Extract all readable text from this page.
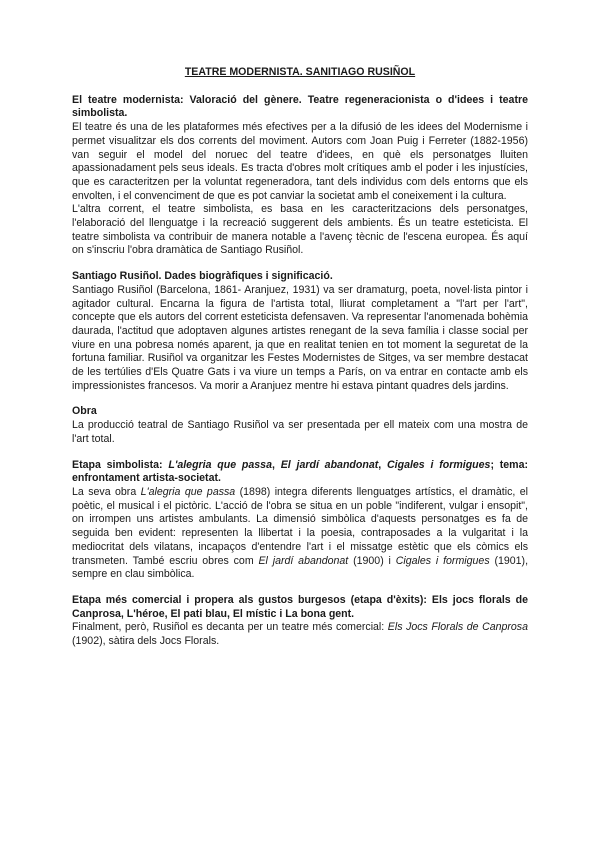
TEATRE MODERNISTA. SANITIAGO RUSIÑOL

El teatre modernista: Valoració del gènere. Teatre regeneracionista o d'idees i teatre simbolista.

El teatre és una de les plataformes més efectives per a la difusió de les idees del Modernisme i permet visualitzar els dos corrents del moviment. Autors com Joan Puig i Ferreter (1882-1956) van seguir el model del noruec del teatre d'idees, en què els personatges lluiten apassionadament pels seus ideals. Es tracta d'obres molt crítiques amb el poder i les injustícies, que es caracteritzen per la voluntat regeneradora, tant dels individus com dels entorns que els envolten, i el convenciment de que es pot canviar la societat amb el coneixement i la cultura.

L'altra corrent, el teatre simbolista, es basa en les caracteritzacions dels personatges, l'elaboració del llenguatge i la recreació suggerent dels ambients. És un teatre esteticista. El teatre simbolista va contribuir de manera notable a l'avenç tècnic de l'escena europea. És aquí on s'inscriu l'obra dramàtica de Santiago Rusiñol.

Santiago Rusiñol. Dades biogràfiques i significació.

Santiago Rusiñol (Barcelona, 1861- Aranjuez, 1931) va ser dramaturg, poeta, novel·lista pintor i agitador cultural. Encarna la figura de l'artista total, lliurat completament a "l'art per l'art", concepte que els autors del corrent esteticista defensaven. Va representar l'anomenada bohèmia daurada, l'actitud que adoptaven algunes artistes renegant de la seva família i classe social per viure en una pobresa només aparent, ja que en realitat tenien en tot moment la seguretat de la fortuna familiar. Rusiñol va organitzar les Festes Modernistes de Sitges, va ser membre destacat de les tertúlies d'Els Quatre Gats i va viure un temps a París, on va entrar en contacte amb els impressionistes francesos. Va morir a Aranjuez mentre hi estava pintant quadres dels jardins.

Obra

La producció teatral de Santiago Rusiñol va ser presentada per ell mateix com una mostra de l'art total.

Etapa simbolista: L'alegria que passa, El jardí abandonat, Cigales i formigues; tema: enfrontament artista-societat.

La seva obra L'alegria que passa (1898) integra diferents llenguatges artístics, el dramàtic, el poètic, el musical i el pictòric. L'acció de l'obra se situa en un poble "indiferent, vulgar i ensopit", on irrompen uns artistes ambulants. La dimensió simbòlica d'aquests personatges es fa de seguida ben evident: representen la llibertat i la poesia, contraposades a la vulgaritat i la mediocritat dels vilatans, incapaços d'entendre l'art i el missatge estètic que els còmics els transmeten. També escriu obres com El jardí abandonat (1900) i Cigales i formigues (1901), sempre en clau simbòlica.

Etapa més comercial i propera als gustos burgesos (etapa d'èxits): Els jocs florals de Canprosa, L'héroe, El pati blau, El místic i La bona gent.

Finalment, però, Rusiñol es decanta per un teatre més comercial: Els Jocs Florals de Canprosa (1902), sàtira dels Jocs Florals.
